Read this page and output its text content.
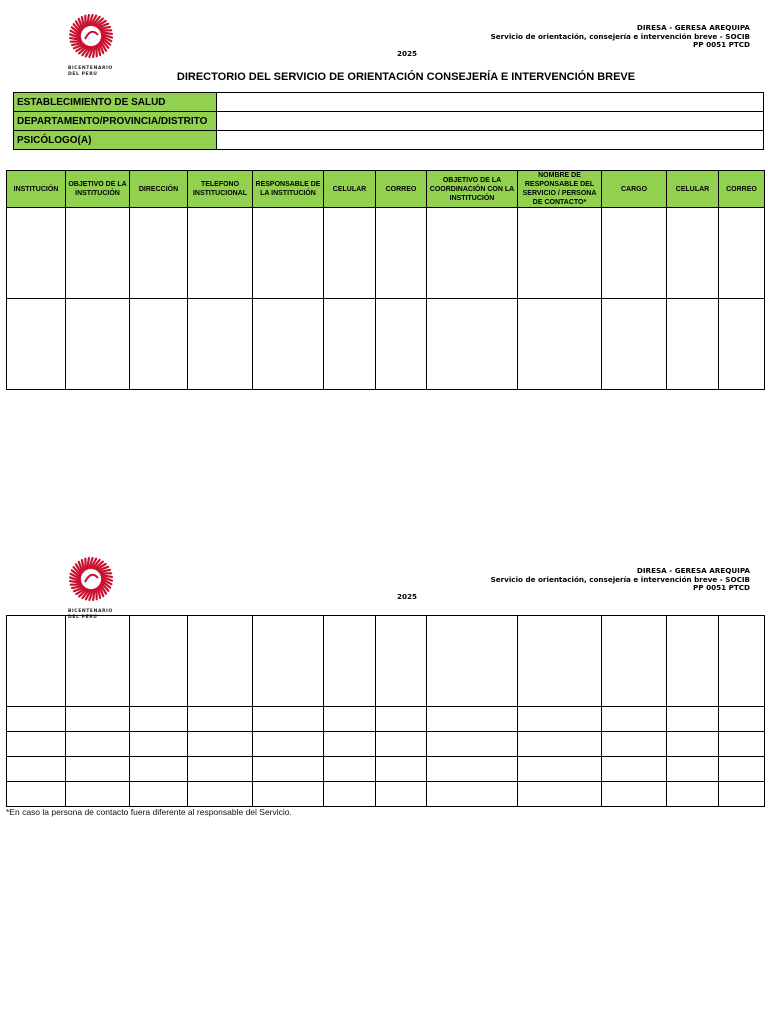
BICENTENARIO
DEL PERÚ
DIRESA - GERESA AREQUIPA
Servicio de orientación, consejería e intervención breve - SOCIB
PP 0051 PTCD
2025
DIRECTORIO DEL SERVICIO DE ORIENTACIÓN CONSEJERÍA E INTERVENCIÓN BREVE
ESTABLECIMIENTO DE SALUD	
DEPARTAMENTO/PROVINCIA/DISTRITO	
PSICÓLOGO(A)	
INSTITUCIÓN	OBJETIVO DE LA INSTITUCIÓN	DIRECCIÓN	TELEFONO INSTITUCIONAL	RESPONSABLE DE LA INSTITUCIÓN	CELULAR	CORREO	OBJETIVO DE LA COORDINACIÓN CON LA INSTITUCIÓN	NOMBRE DE RESPONSABLE DEL SERVICIO / PERSONA DE CONTACTO*	CARGO	CELULAR	CORREO

BICENTENARIO
DEL PERÚ
DIRESA - GERESA AREQUIPA
Servicio de orientación, consejería e intervención breve - SOCIB
PP 0051 PTCD
2025

*En caso la persona de contacto fuera diferente al responsable del Servicio.
